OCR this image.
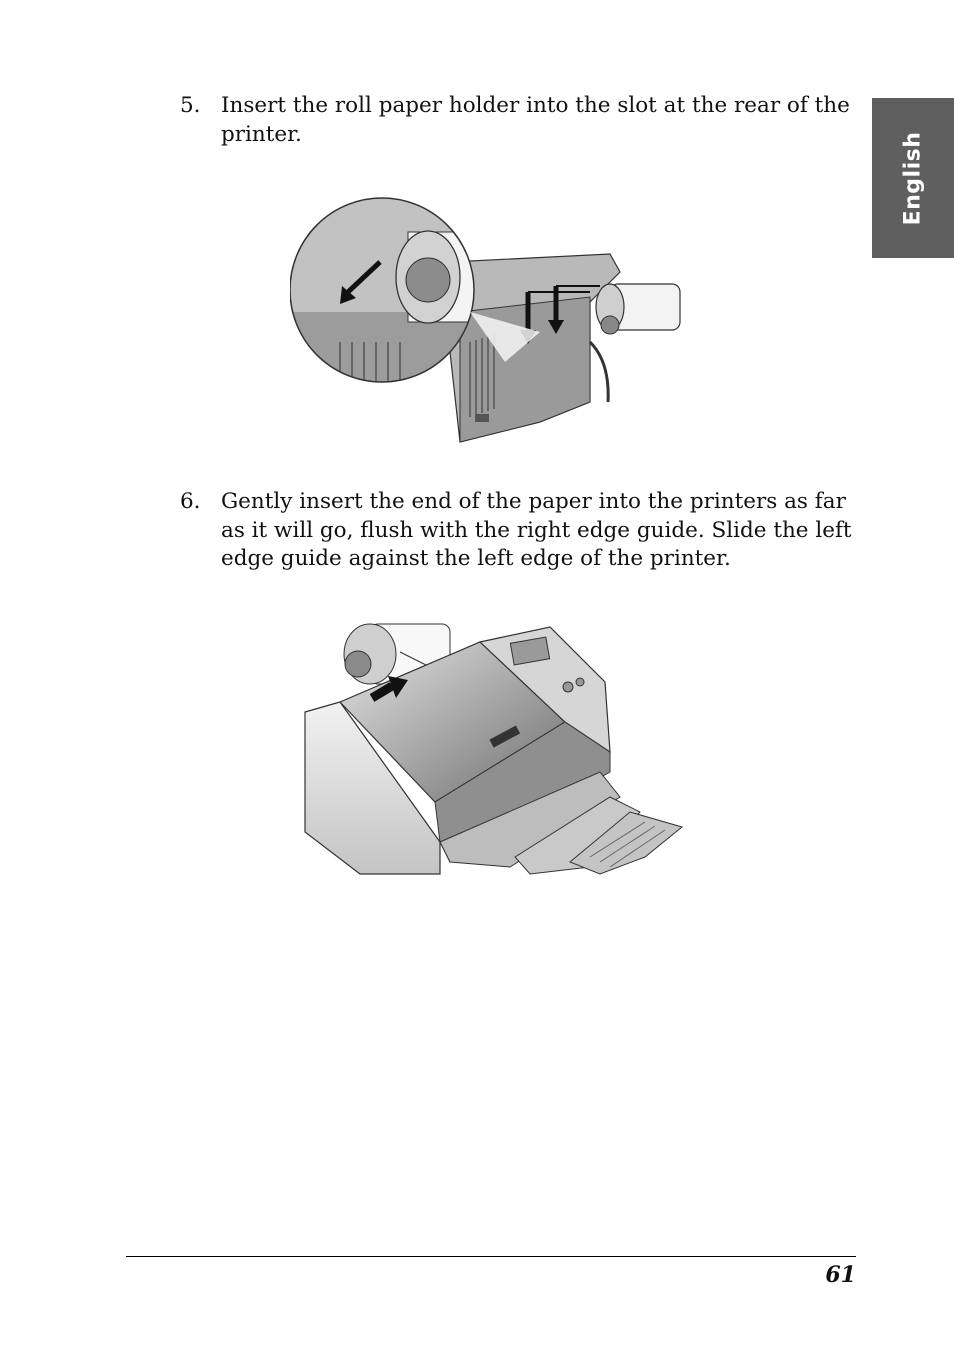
English
5. Insert the roll paper holder into the slot at the rear of the printer.
6. Gently insert the end of the paper into the printers as far as it will go, flush with the right edge guide. Slide the left edge guide against the left edge of the printer.
61
